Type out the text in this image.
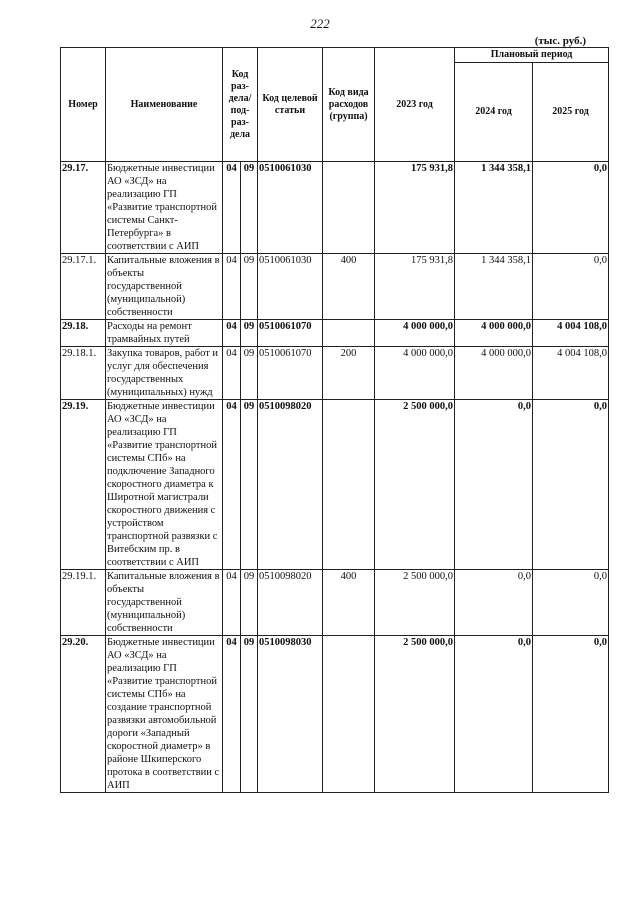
222
(тыс. руб.)
Номер	Наименование	Код раз-дела/ под-раз-дела		Код целевой статьи	Код вида расходов (группа)	2023 год	Плановый период	
							2024 год	2025 год
29.17.	Бюджетные инвестиции АО «ЗСД» на реализацию ГП «Развитие транспортной системы Санкт-Петербурга» в соответствии с АИП	04	09	0510061030		175 931,8	1 344 358,1	0,0
29.17.1.	Капитальные вложения в объекты государственной (муниципальной) собственности	04	09	0510061030	400	175 931,8	1 344 358,1	0,0
29.18.	Расходы на ремонт трамвайных путей	04	09	0510061070		4 000 000,0	4 000 000,0	4 004 108,0
29.18.1.	Закупка товаров, работ и услуг для обеспечения государственных (муниципальных) нужд	04	09	0510061070	200	4 000 000,0	4 000 000,0	4 004 108,0
29.19.	Бюджетные инвестиции АО «ЗСД» на реализацию ГП «Развитие транспортной системы СПб» на подключение Западного скоростного диаметра к Широтной магистрали скоростного движения с устройством транспортной развязки с Витебским пр. в соответствии с АИП	04	09	0510098020		2 500 000,0	0,0	0,0
29.19.1.	Капитальные вложения в объекты государственной (муниципальной) собственности	04	09	0510098020	400	2 500 000,0	0,0	0,0
29.20.	Бюджетные инвестиции АО «ЗСД» на реализацию ГП «Развитие транспортной системы СПб» на создание транспортной развязки автомобильной дороги «Западный скоростной диаметр» в районе Шкиперского протока в соответствии с АИП	04	09	0510098030		2 500 000,0	0,0	0,0
